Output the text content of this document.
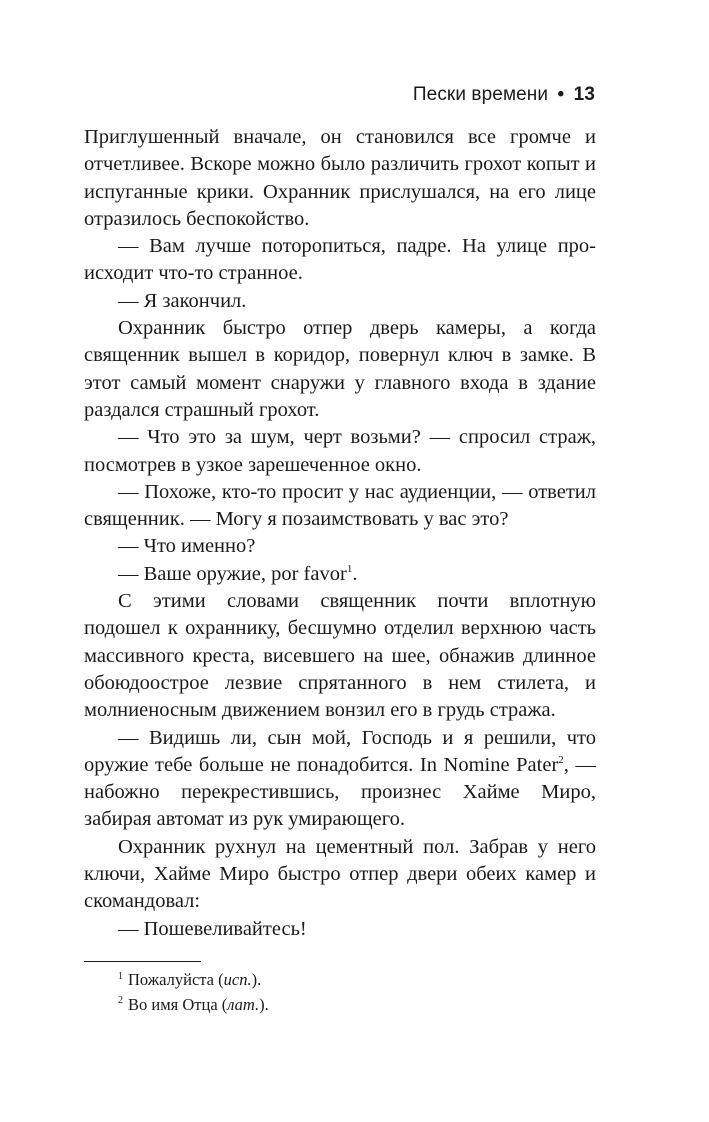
Пески времени • 13

Приглушенный вначале, он становился все громче и отчетливее. Вскоре можно было различить грохот копыт и испуганные крики. Охранник прислушался, на его лице отразилось беспокойство.

— Вам лучше поторопиться, падре. На улице происходит что-то странное.

— Я закончил.

Охранник быстро отпер дверь камеры, а когда священник вышел в коридор, повернул ключ в замке. В этот самый момент снаружи у главного входа в здание раздался страшный грохот.

— Что это за шум, черт возьми? — спросил страж, посмотрев в узкое зарешеченное окно.

— Похоже, кто-то просит у нас аудиенции, — ответил священник. — Могу я позаимствовать у вас это?

— Что именно?

— Ваше оружие, por favor$^1$.

С этими словами священник почти вплотную подошел к охраннику, бесшумно отделил верхнюю часть массивного креста, висевшего на шее, обнажив длинное обоюдоострое лезвие спрятанного в нем стилета, и молниеносным движением вонзил его в грудь стража.

— Видишь ли, сын мой, Господь и я решили, что оружие тебе больше не понадобится. In Nomine Pater$^2$, — набожно перекрестившись, произнес Хайме Миро, забирая автомат из рук умирающего.

Охранник рухнул на цементный пол. Забрав у него ключи, Хайме Миро быстро отпер двери обеих камер и скомандовал:

— Пошевеливайтесь!

$^1$ Пожалуйста (исп.).
$^2$ Во имя Отца (лат.).
